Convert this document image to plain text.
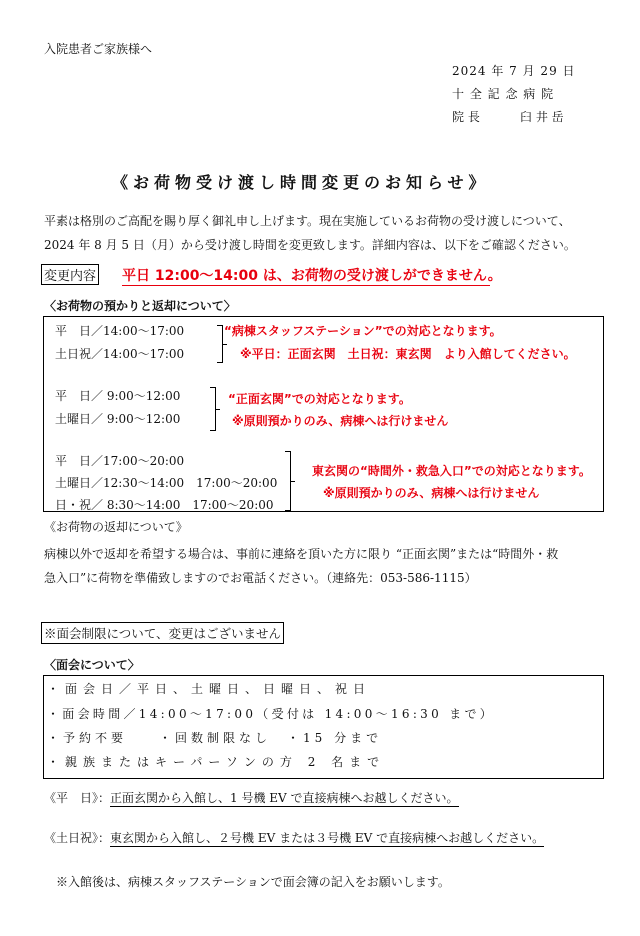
入院患者ご家族様へ
2024 年 7 月 29 日
十 全 記 念 病 院
院 長	臼 井 岳
《お荷物受け渡し時間変更のお知らせ》
平素は格別のご高配を賜り厚く御礼申し上げます。現在実施しているお荷物の受け渡しについて、
2024 年 8 月 5 日（月）から受け渡し時間を変更致します。詳細内容は、以下をご確認ください。
変更内容 平日 12:00～14:00 は、お荷物の受け渡しができません。
〈お荷物の預かりと返却について〉
平　日／14:00～17:00
土日祝／14:00～17:00
“病棟スタッフステーション”での対応となります。
※平日：正面玄関　土日祝：東玄関　より入館してください。
平　日／ 9:00～12:00
土曜日／ 9:00～12:00
“正面玄関”での対応となります。
※原則預かりのみ、病棟へは行けません
平　日／17:00～20:00
土曜日／12:30～14:00　17:00～20:00
日・祝／ 8:30～14:00　17:00～20:00
東玄関の“時間外・救急入口”での対応となります。
※原則預かりのみ、病棟へは行けません
《お荷物の返却について》
病棟以外で返却を希望する場合は、事前に連絡を頂いた方に限り “正面玄関”または“時間外・救
急入口”に荷物を準備致しますのでお電話ください。（連絡先：053-586-1115）
※面会制限について、変更はございません
〈面会について〉
・面会日／平日、土曜日、日曜日、祝日
・面会時間／14:00～17:00（受付は 14:00～16:30 まで）
・予約不要　　・回数制限なし　・15 分まで
・親族またはキーパーソンの方 2 名まで
《平　日》：正面玄関から入館し、1 号機 EV で直接病棟へお越しください。
《土日祝》：東玄関から入館し、２号機 EV または３号機 EV で直接病棟へお越しください。
※入館後は、病棟スタッフステーションで面会簿の記入をお願いします。
